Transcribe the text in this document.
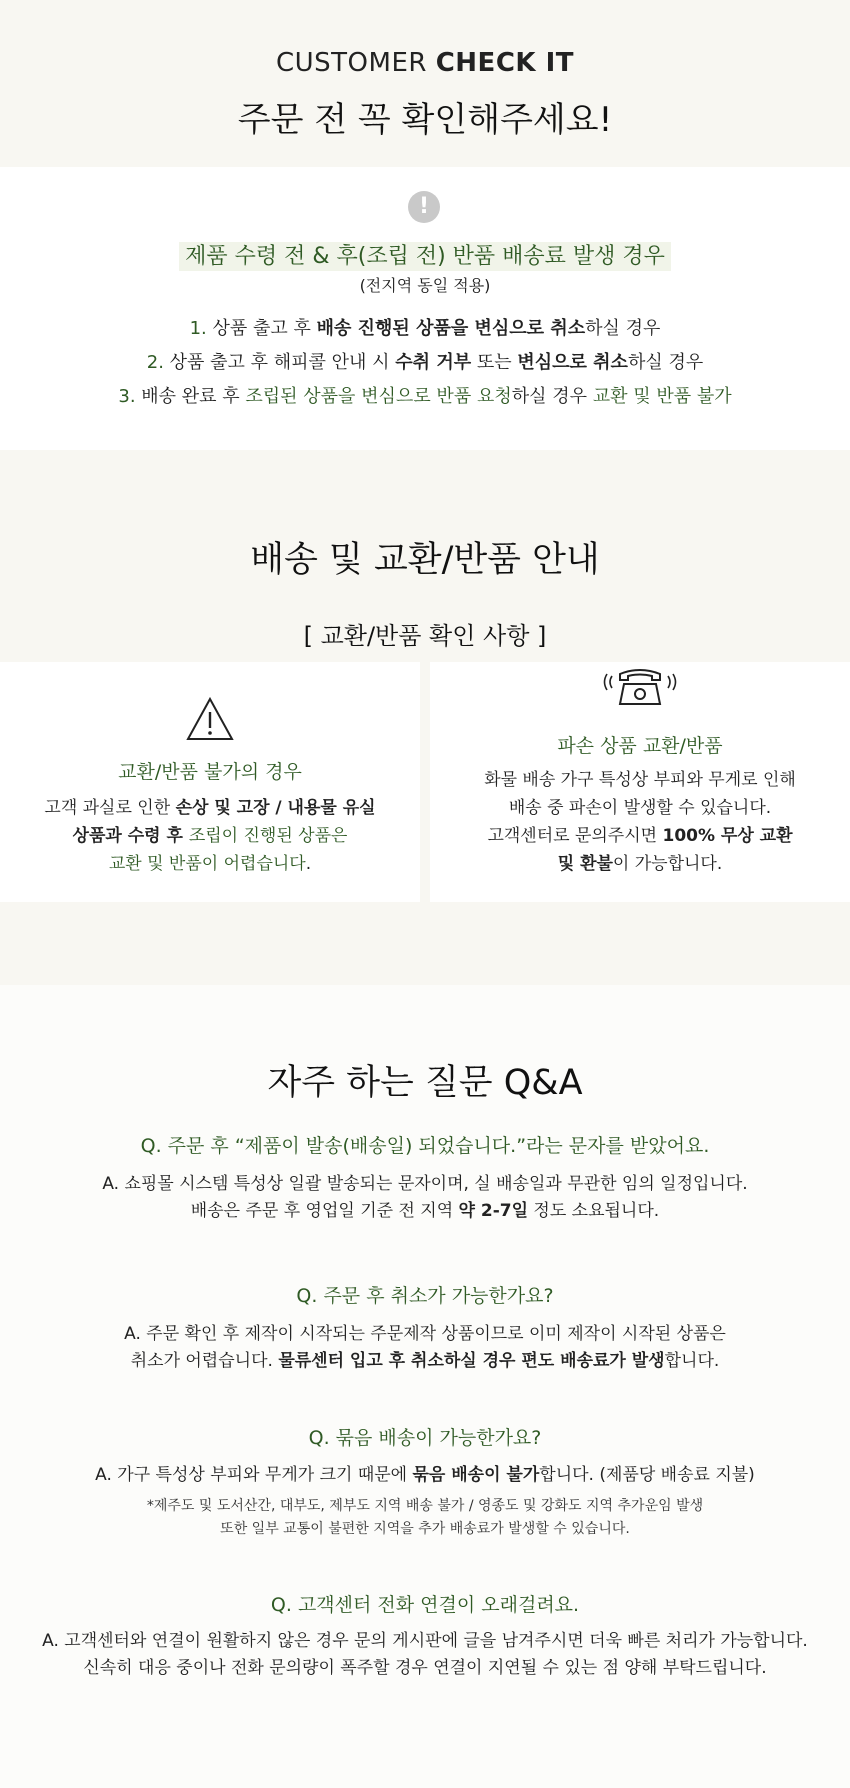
CUSTOMER CHECK IT
주문 전 꼭 확인해주세요!
!
제품 수령 전 & 후(조립 전) 반품 배송료 발생 경우
(전지역 동일 적용)
1. 상품 출고 후 배송 진행된 상품을 변심으로 취소하실 경우
2. 상품 출고 후 해피콜 안내 시 수취 거부 또는 변심으로 취소하실 경우
3. 배송 완료 후 조립된 상품을 변심으로 반품 요청하실 경우 교환 및 반품 불가
배송 및 교환/반품 안내
[ 교환/반품 확인 사항 ]
교환/반품 불가의 경우
고객 과실로 인한 손상 및 고장 / 내용물 유실
상품과 수령 후 조립이 진행된 상품은
교환 및 반품이 어렵습니다.
파손 상품 교환/반품
화물 배송 가구 특성상 부피와 무게로 인해
배송 중 파손이 발생할 수 있습니다.
고객센터로 문의주시면 100% 무상 교환
및 환불이 가능합니다.
자주 하는 질문 Q&A
Q. 주문 후 “제품이 발송(배송일) 되었습니다.”라는 문자를 받았어요.
A. 쇼핑몰 시스템 특성상 일괄 발송되는 문자이며, 실 배송일과 무관한 임의 일정입니다.
배송은 주문 후 영업일 기준 전 지역 약 2-7일 정도 소요됩니다.
Q. 주문 후 취소가 가능한가요?
A. 주문 확인 후 제작이 시작되는 주문제작 상품이므로 이미 제작이 시작된 상품은
취소가 어렵습니다. 물류센터 입고 후 취소하실 경우 편도 배송료가 발생합니다.
Q. 묶음 배송이 가능한가요?
A. 가구 특성상 부피와 무게가 크기 때문에 묶음 배송이 불가합니다. (제품당 배송료 지불)
*제주도 및 도서산간, 대부도, 제부도 지역 배송 불가 / 영종도 및 강화도 지역 추가운임 발생
또한 일부 교통이 불편한 지역을 추가 배송료가 발생할 수 있습니다.
Q. 고객센터 전화 연결이 오래걸려요.
A. 고객센터와 연결이 원활하지 않은 경우 문의 게시판에 글을 남겨주시면 더욱 빠른 처리가 가능합니다.
신속히 대응 중이나 전화 문의량이 폭주할 경우 연결이 지연될 수 있는 점 양해 부탁드립니다.
